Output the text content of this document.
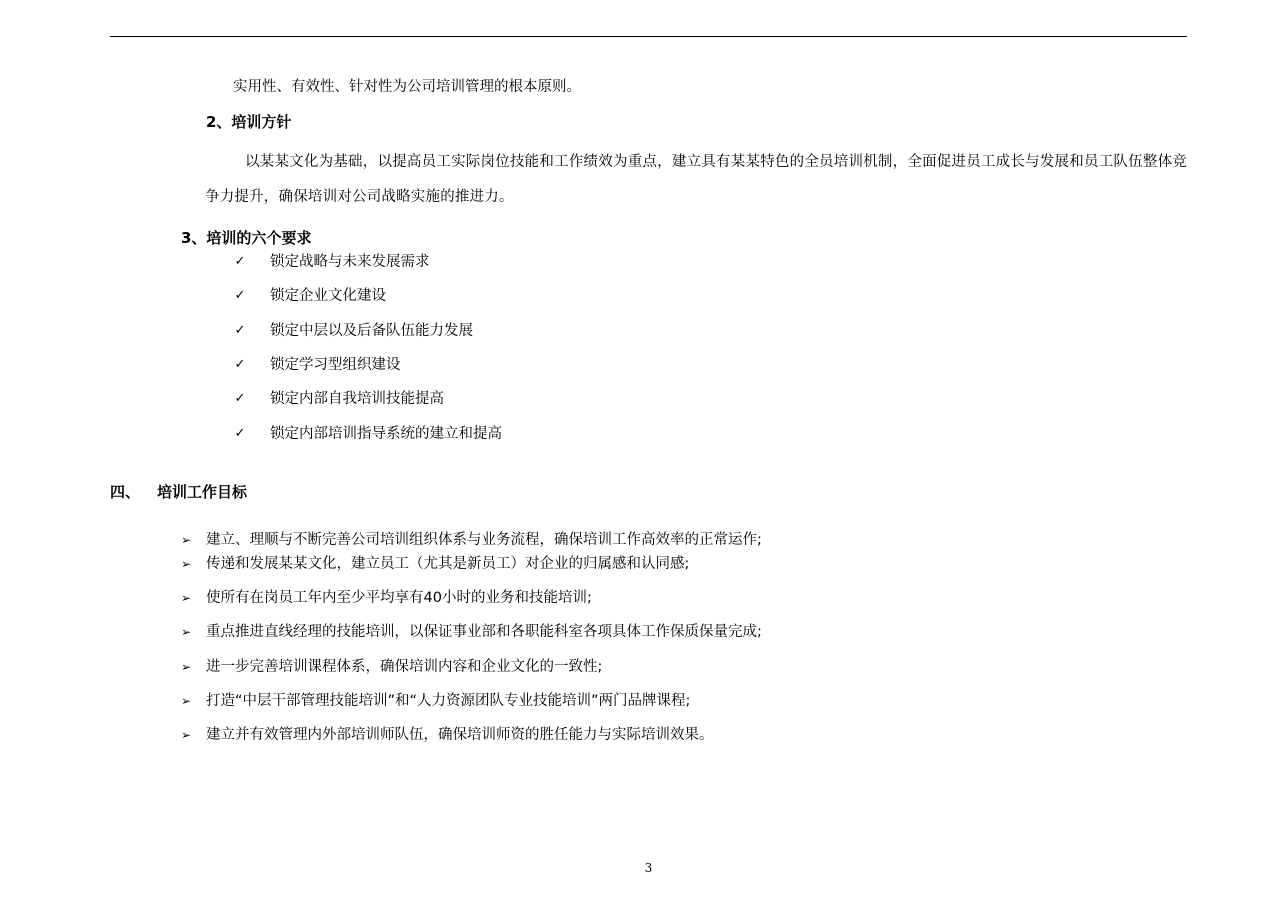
实用性、有效性、针对性为公司培训管理的根本原则。
2、培训方针
以某某文化为基础，以提高员工实际岗位技能和工作绩效为重点，建立具有某某特色的全员培训机制，全面促进员工成长与发展和员工队伍整体竞争力提升，确保培训对公司战略实施的推进力。
3、培训的六个要求
✓ 锁定战略与未来发展需求
✓ 锁定企业文化建设
✓ 锁定中层以及后备队伍能力发展
✓ 锁定学习型组织建设
✓ 锁定内部自我培训技能提高
✓ 锁定内部培训指导系统的建立和提高
四、 培训工作目标
➢ 建立、理顺与不断完善公司培训组织体系与业务流程，确保培训工作高效率的正常运作;
➢ 传递和发展某某文化，建立员工（尤其是新员工）对企业的归属感和认同感;
➢ 使所有在岗员工年内至少平均享有40小时的业务和技能培训;
➢ 重点推进直线经理的技能培训，以保证事业部和各职能科室各项具体工作保质保量完成;
➢ 进一步完善培训课程体系，确保培训内容和企业文化的一致性;
➢ 打造“中层干部管理技能培训”和“人力资源团队专业技能培训”两门品牌课程;
➢ 建立并有效管理内外部培训师队伍，确保培训师资的胜任能力与实际培训效果。
3
